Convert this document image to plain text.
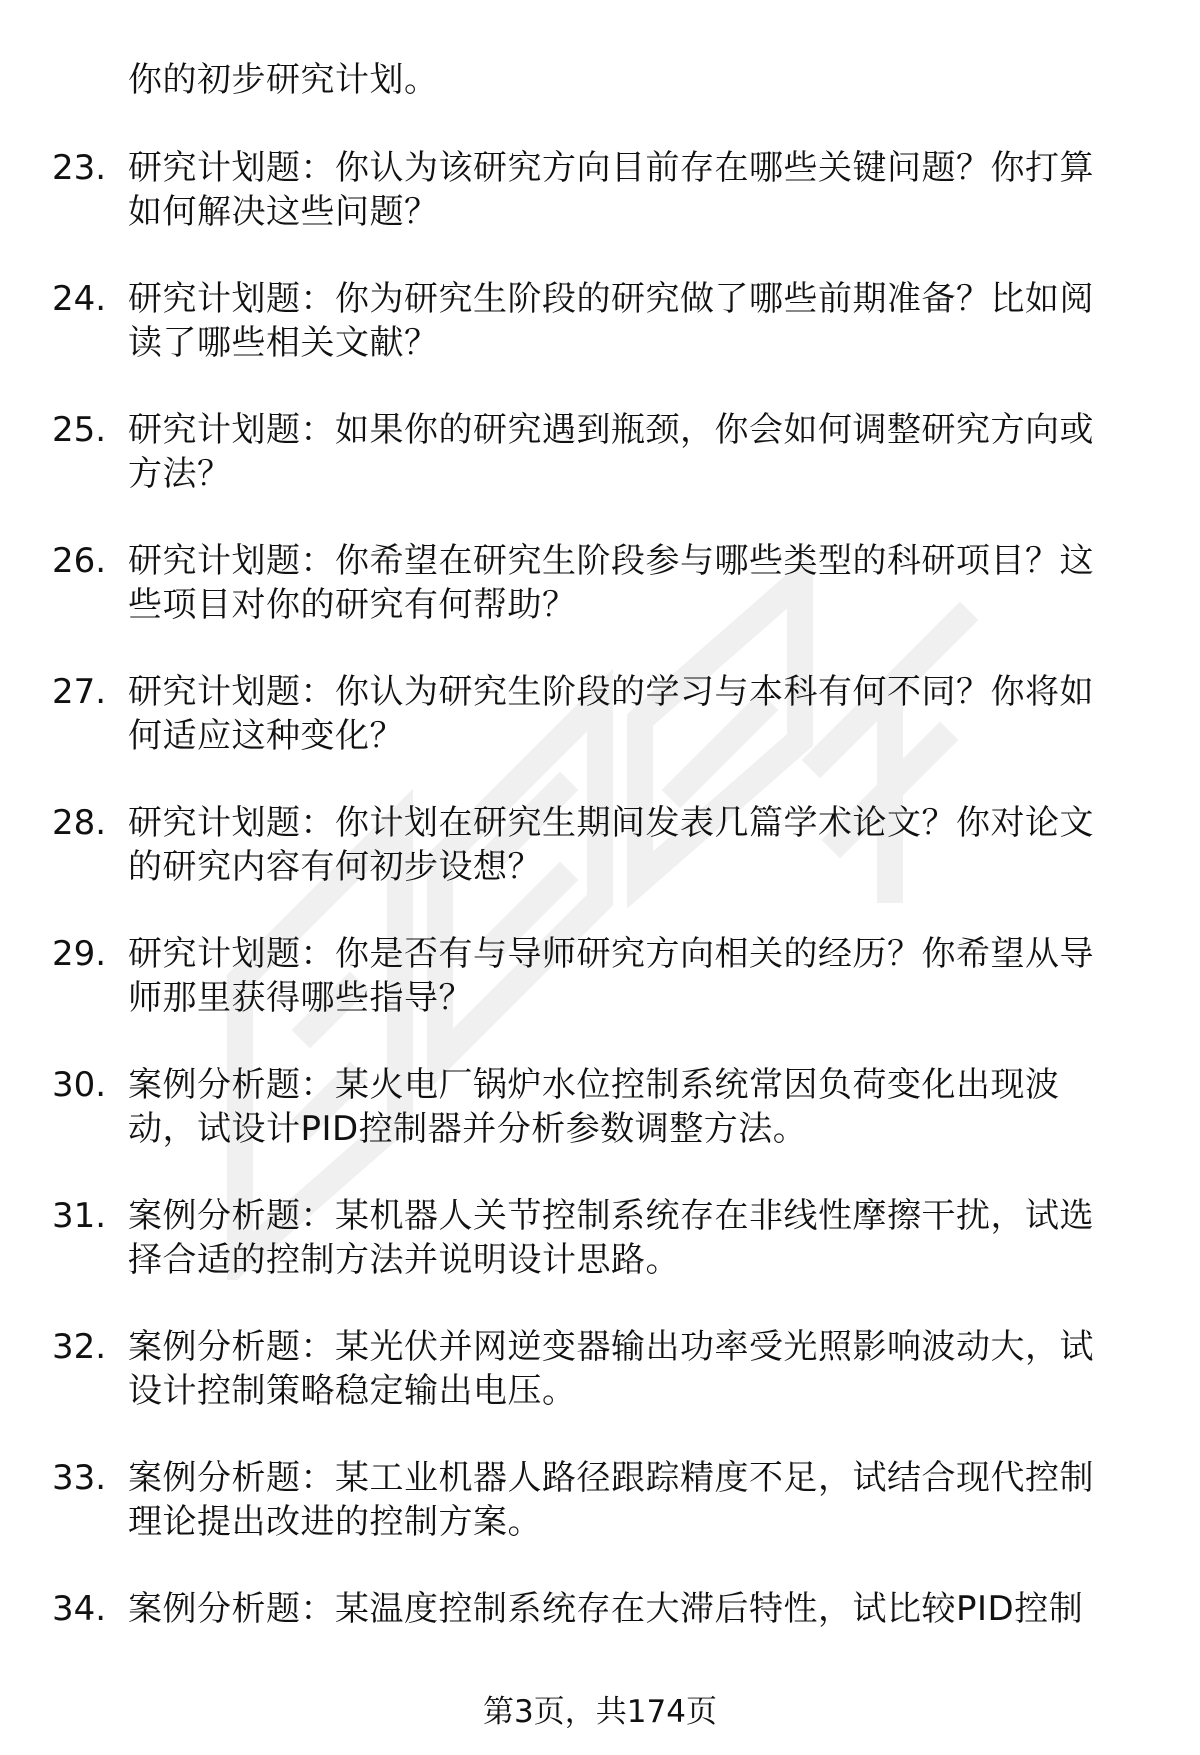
你的初步研究计划。
23. 研究计划题：你认为该研究方向目前存在哪些关键问题？你打算
如何解决这些问题？
24. 研究计划题：你为研究生阶段的研究做了哪些前期准备？比如阅
读了哪些相关文献？
25. 研究计划题：如果你的研究遇到瓶颈，你会如何调整研究方向或
方法？
26. 研究计划题：你希望在研究生阶段参与哪些类型的科研项目？这
些项目对你的研究有何帮助？
27. 研究计划题：你认为研究生阶段的学习与本科有何不同？你将如
何适应这种变化？
28. 研究计划题：你计划在研究生期间发表几篇学术论文？你对论文
的研究内容有何初步设想？
29. 研究计划题：你是否有与导师研究方向相关的经历？你希望从导
师那里获得哪些指导？
30. 案例分析题：某火电厂锅炉水位控制系统常因负荷变化出现波
动，试设计PID控制器并分析参数调整方法。
31. 案例分析题：某机器人关节控制系统存在非线性摩擦干扰，试选
择合适的控制方法并说明设计思路。
32. 案例分析题：某光伏并网逆变器输出功率受光照影响波动大，试
设计控制策略稳定输出电压。
33. 案例分析题：某工业机器人路径跟踪精度不足，试结合现代控制
理论提出改进的控制方案。
34. 案例分析题：某温度控制系统存在大滞后特性，试比较PID控制
第3页，共174页
